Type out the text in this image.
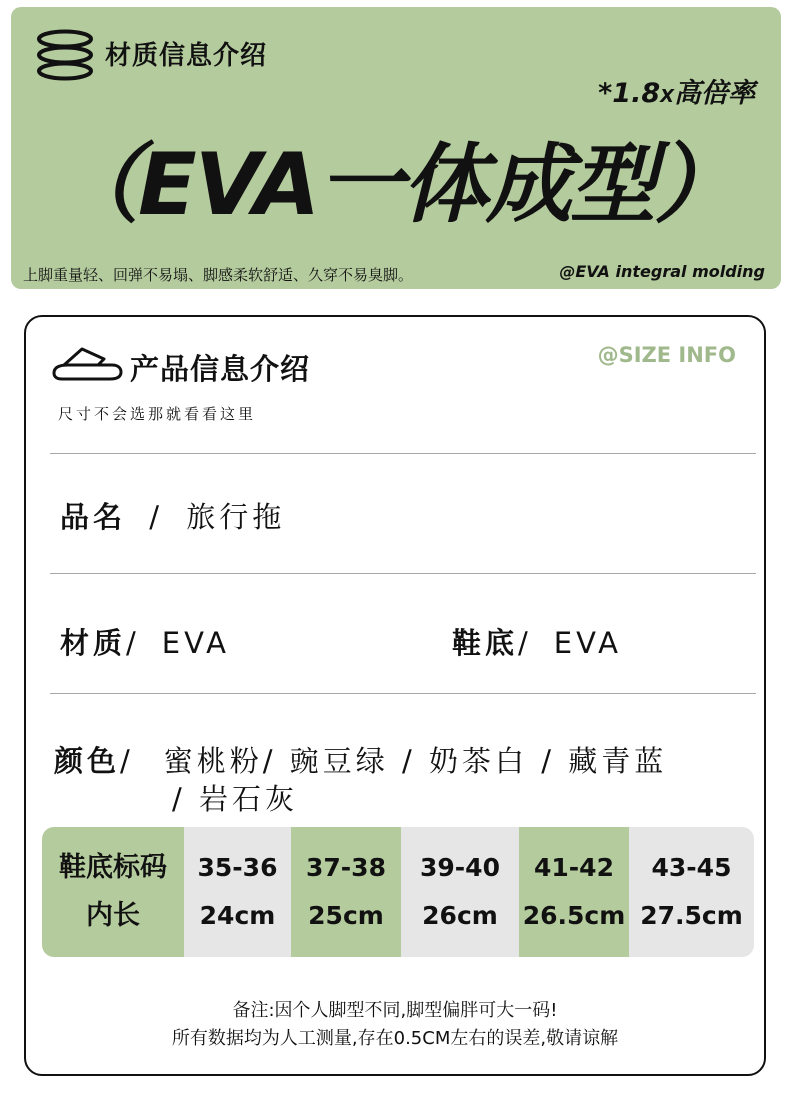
材质信息介绍
*1.8X高倍率
（EVA一体成型）
上脚重量轻、回弹不易塌、脚感柔软舒适、久穿不易臭脚。	@EVA integral molding
产品信息介绍
尺寸不会选那就看看这里
@SIZE INFO
品名 / 旅行拖
材质/ EVA	鞋底/ EVA
颜色/ 蜜桃粉/ 豌豆绿 / 奶茶白 / 藏青蓝
/ 岩石灰
鞋底标码
内长
35-36
24cm
37-38
25cm
39-40
26cm
41-42
26.5cm
43-45
27.5cm
备注:因个人脚型不同,脚型偏胖可大一码!
所有数据均为人工测量,存在0.5CM左右的误差,敬请谅解
